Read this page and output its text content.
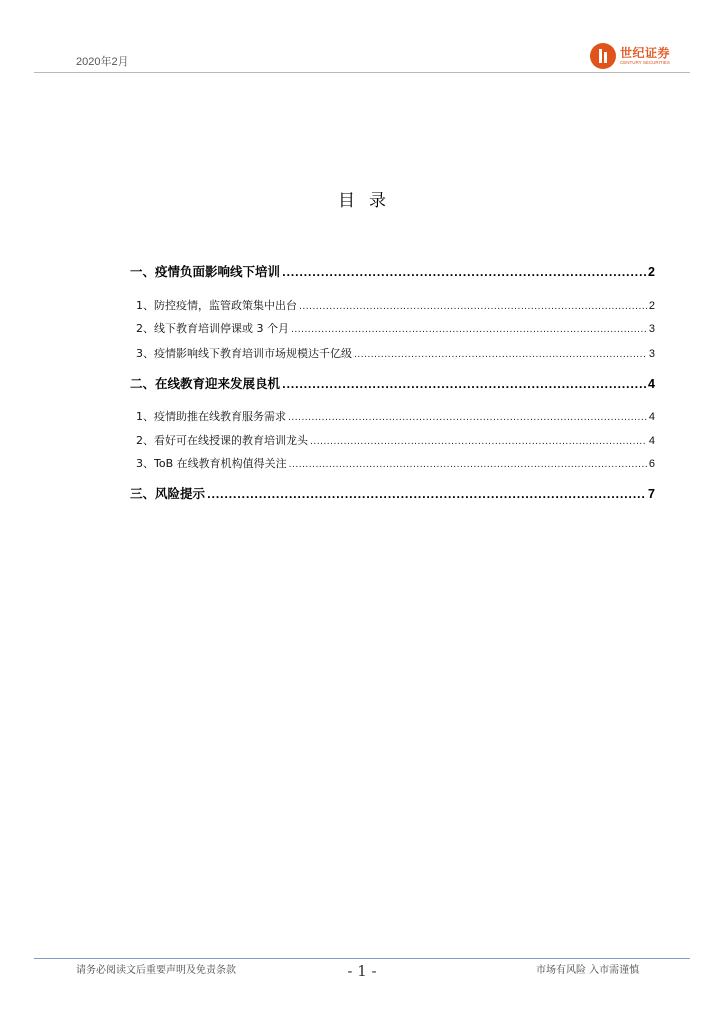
2020年2月
世纪证券
CENTURY SECURITIES
目录
一、疫情负面影响线下培训 .....	2
1、防控疫情，监管政策集中出台 .....	2
2、线下教育培训停课或 3 个月 .....	3
3、疫情影响线下教育培训市场规模达千亿级 .....	3
二、在线教育迎来发展良机 .....	4
1、疫情助推在线教育服务需求 .....	4
2、看好可在线授课的教育培训龙头 .....	4
3、ToB 在线教育机构值得关注 .....	6
三、风险提示 .....	7
请务必阅读文后重要声明及免责条款	- 1 -	市场有风险 入市需谨慎
